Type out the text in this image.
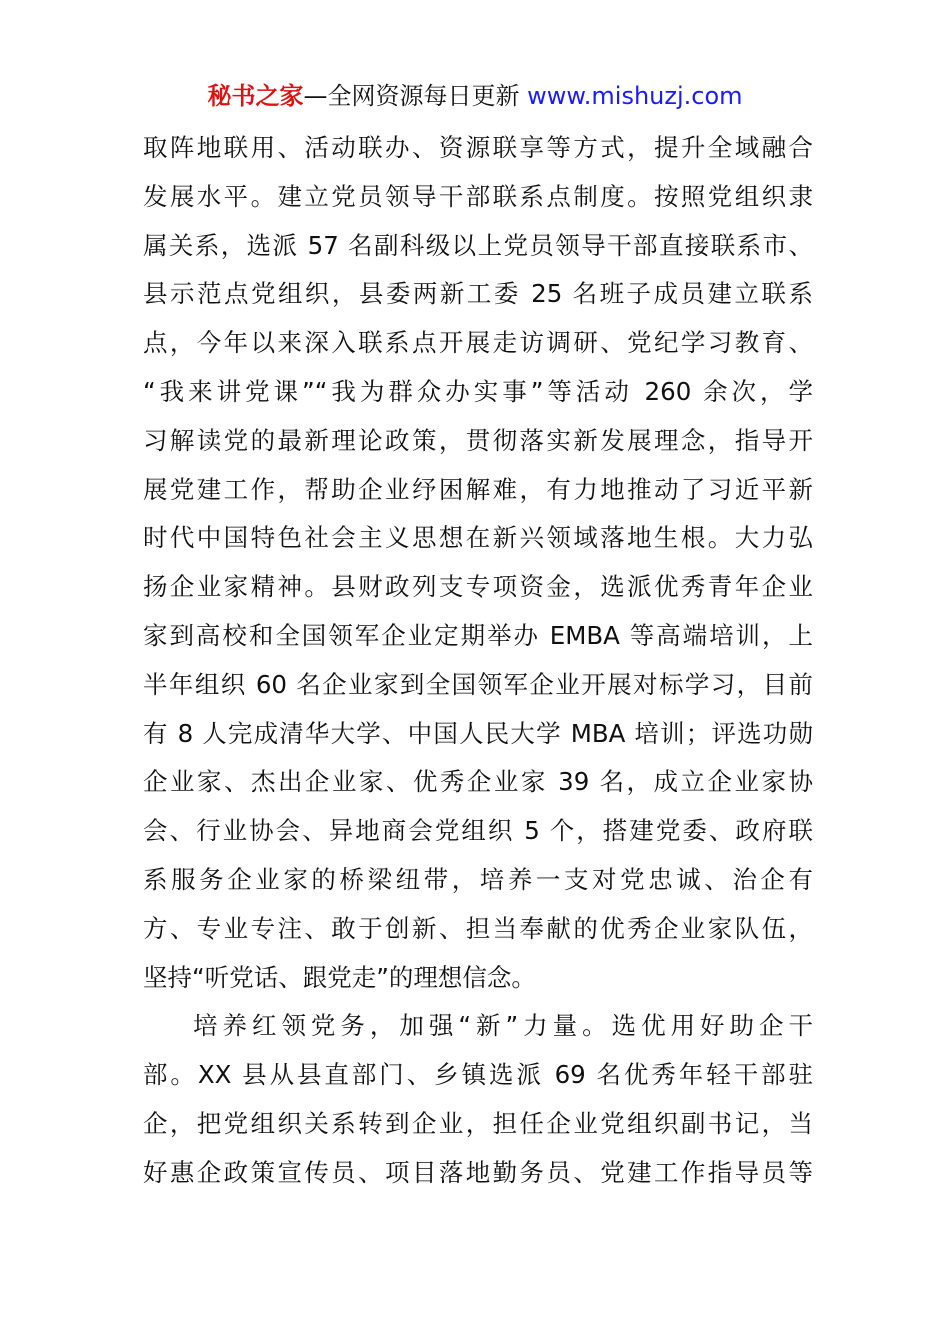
秘书之家—全网资源每日更新 www.mishuzj.com
取阵地联用、活动联办、资源联享等方式，提升全域融合
发展水平。建立党员领导干部联系点制度。按照党组织隶
属关系，选派 57 名副科级以上党员领导干部直接联系市、
县示范点党组织，县委两新工委 25 名班子成员建立联系
点，今年以来深入联系点开展走访调研、党纪学习教育、
“我来讲党课”“我为群众办实事”等活动 260 余次，学
习解读党的最新理论政策，贯彻落实新发展理念，指导开
展党建工作，帮助企业纾困解难，有力地推动了习近平新
时代中国特色社会主义思想在新兴领域落地生根。大力弘
扬企业家精神。县财政列支专项资金，选派优秀青年企业
家到高校和全国领军企业定期举办 EMBA 等高端培训，上
半年组织 60 名企业家到全国领军企业开展对标学习，目前
有 8 人完成清华大学、中国人民大学 MBA 培训；评选功勋
企业家、杰出企业家、优秀企业家 39 名，成立企业家协
会、行业协会、异地商会党组织 5 个，搭建党委、政府联
系服务企业家的桥梁纽带，培养一支对党忠诚、治企有
方、专业专注、敢于创新、担当奉献的优秀企业家队伍，
坚持“听党话、跟党走”的理想信念。
培养红领党务，加强“新”力量。选优用好助企干
部。XX 县从县直部门、乡镇选派 69 名优秀年轻干部驻
企，把党组织关系转到企业，担任企业党组织副书记，当
好惠企政策宣传员、项目落地勤务员、党建工作指导员等
